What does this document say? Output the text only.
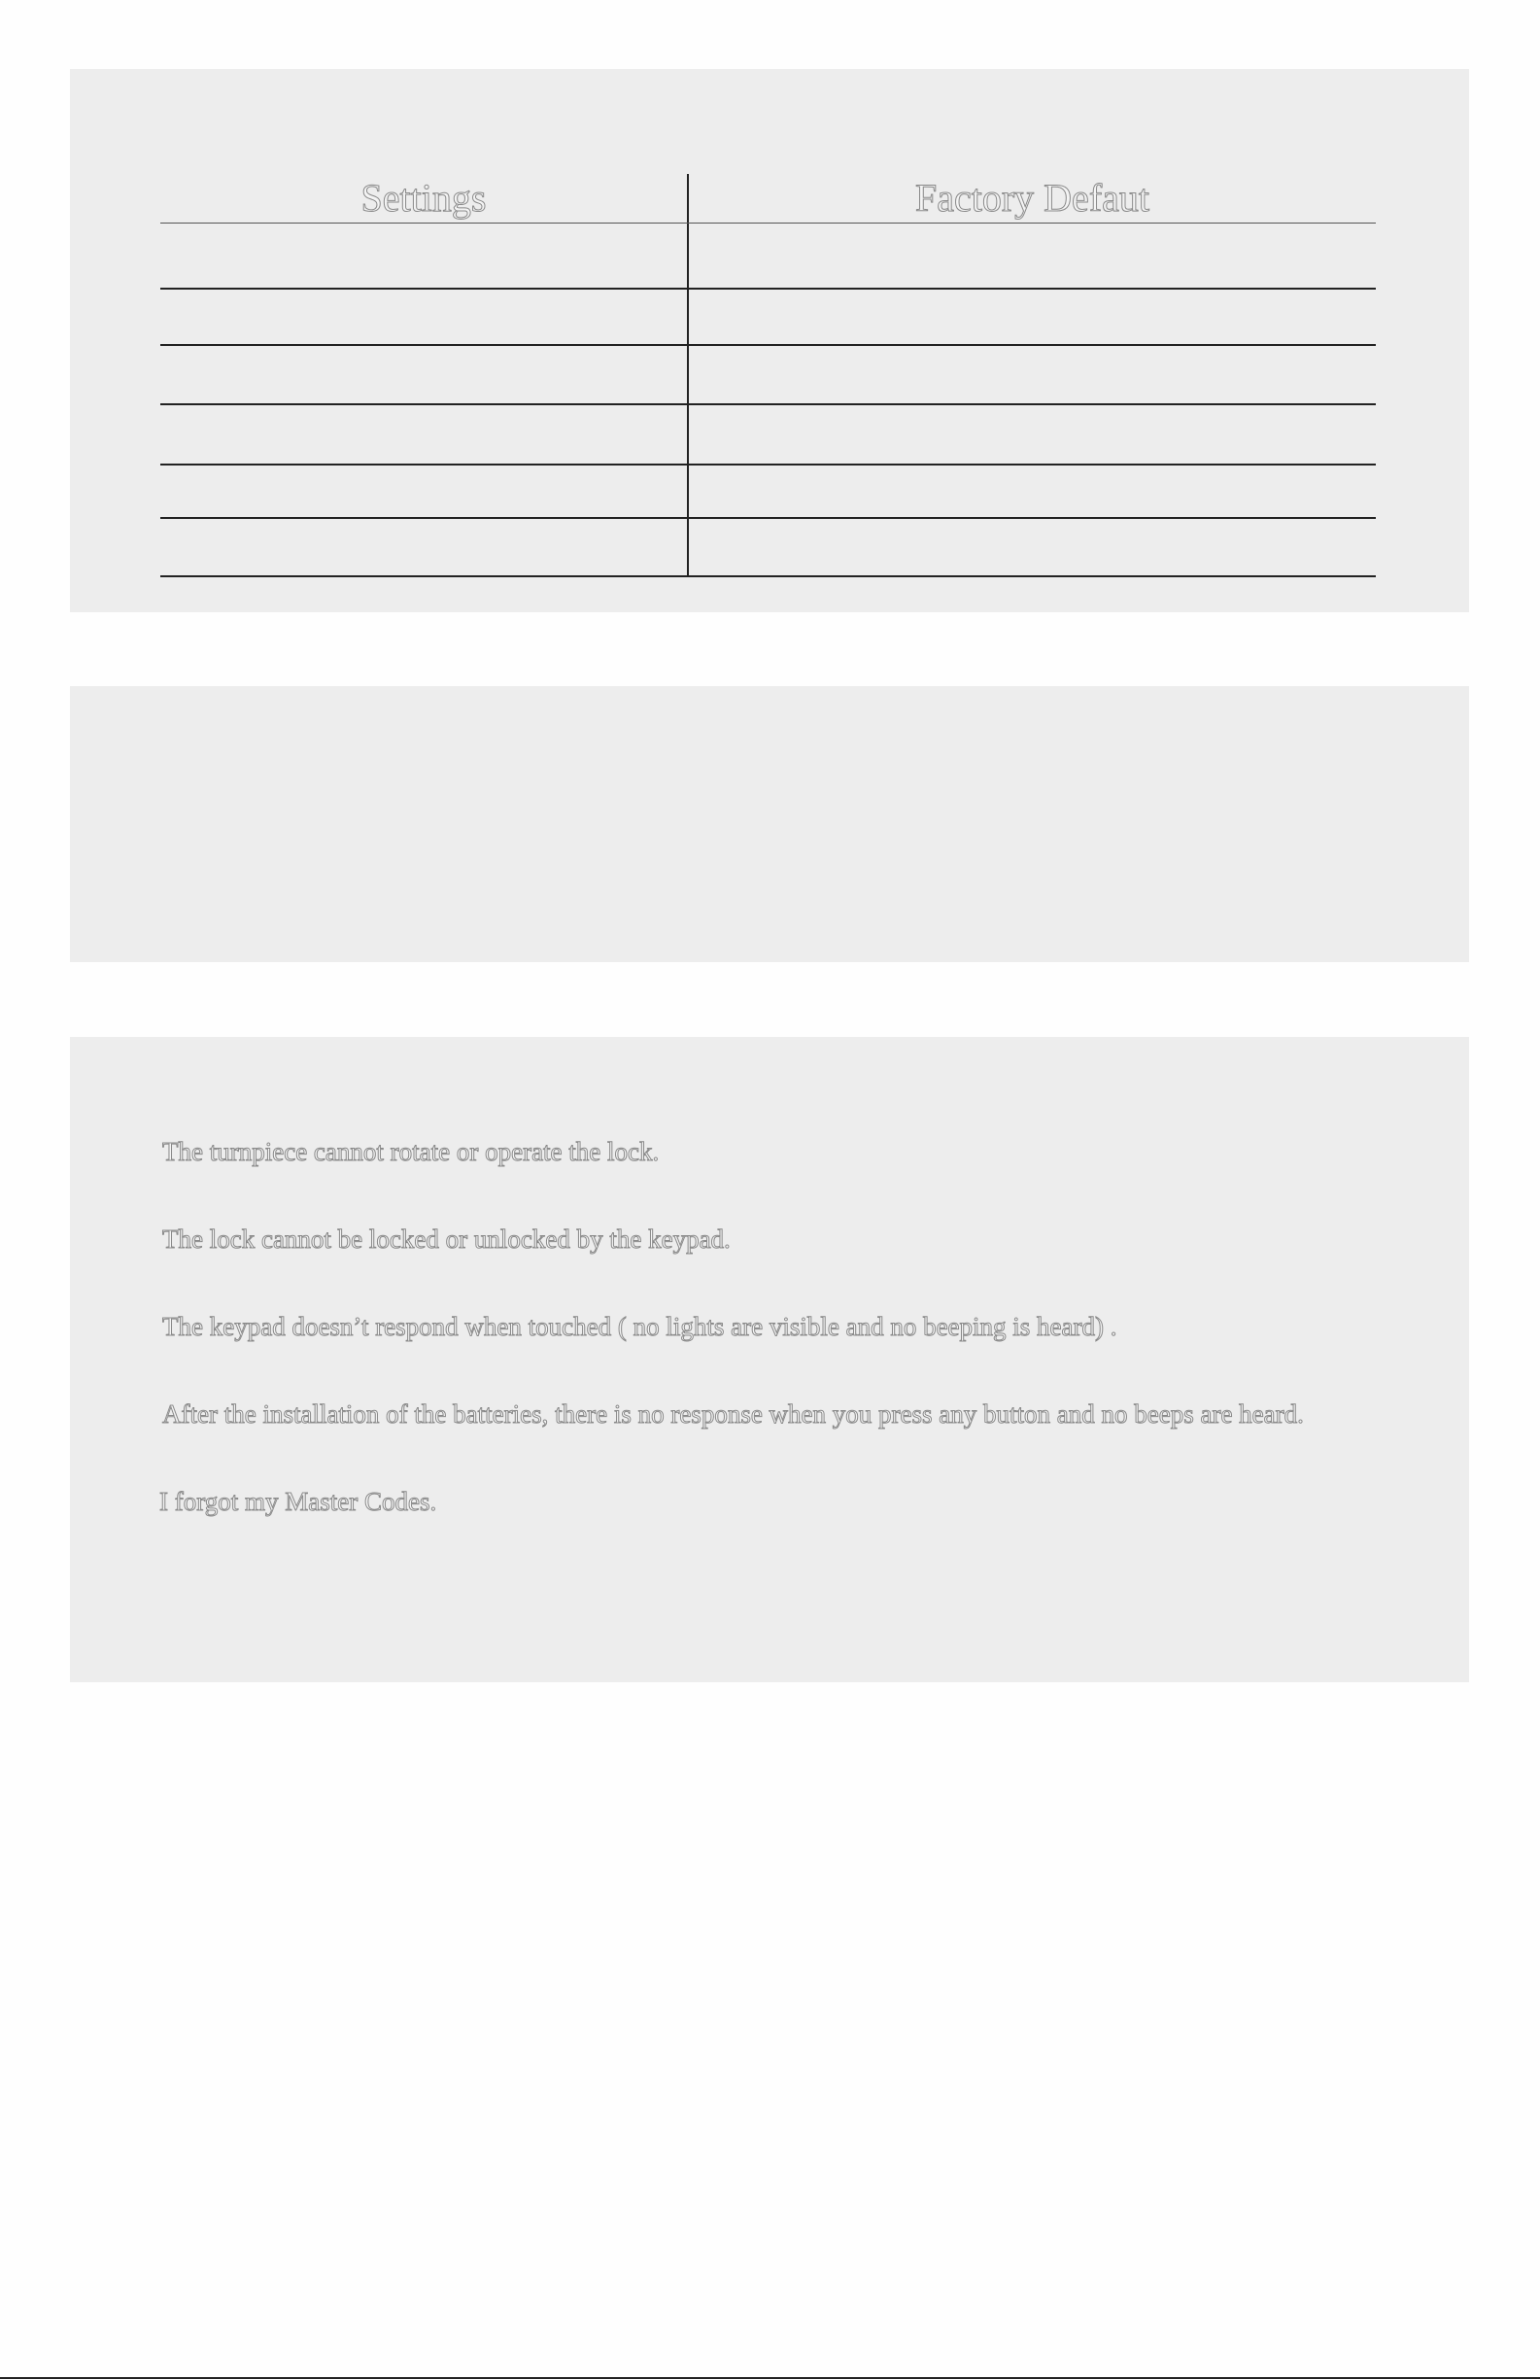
Settings	Factory Defaut
The turnpiece cannot rotate or operate the lock.
The lock cannot be locked or unlocked by the keypad.
The keypad doesn’t respond when touched ( no lights are visible and no beeping is heard) .
After the installation of the batteries, there is no response when you press any button and no beeps are heard.
I forgot my Master Codes.
